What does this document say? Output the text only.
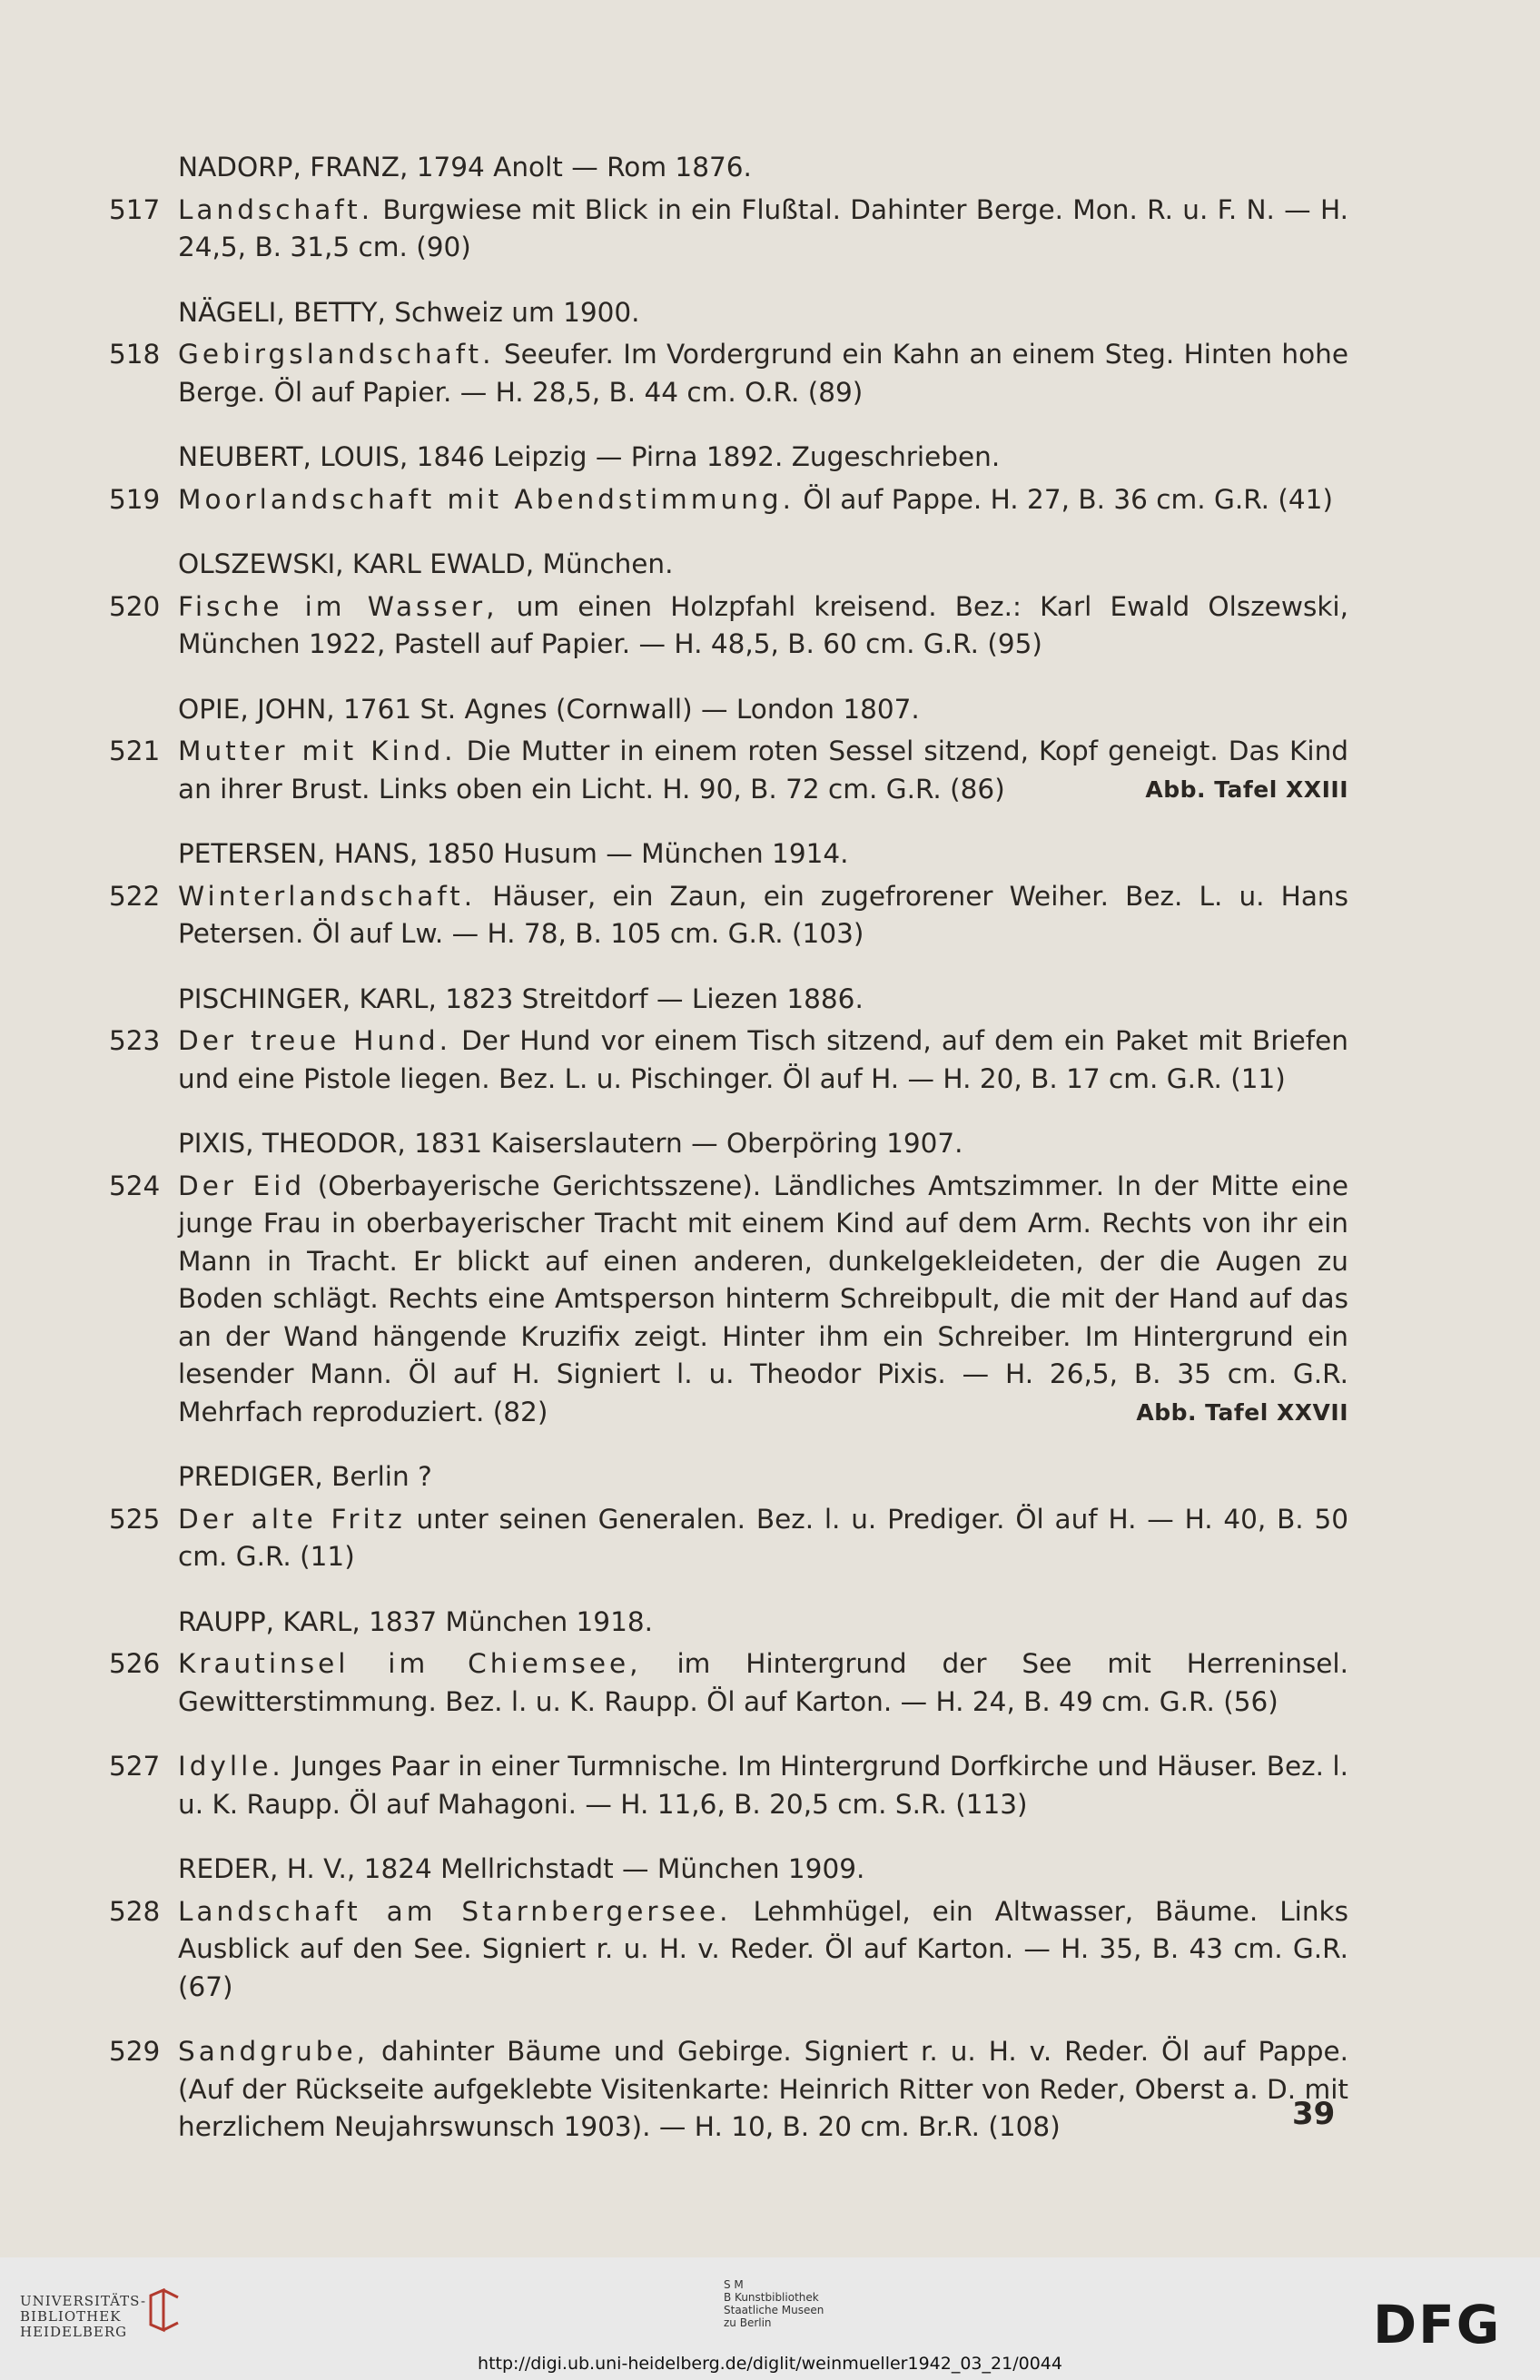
NADORP, FRANZ, 1794 Anolt — Rom 1876.
517 Landschaft. Burgwiese mit Blick in ein Flußtal. Dahinter Berge. Mon. R. u. F. N. — H. 24,5, B. 31,5 cm. (90)

NÄGELI, BETTY, Schweiz um 1900.
518 Gebirgslandschaft. Seeufer. Im Vordergrund ein Kahn an einem Steg. Hinten hohe Berge. Öl auf Papier. — H. 28,5, B. 44 cm. O.R. (89)

NEUBERT, LOUIS, 1846 Leipzig — Pirna 1892. Zugeschrieben.
519 Moorlandschaft mit Abendstimmung. Öl auf Pappe. H. 27, B. 36 cm. G.R. (41)

OLSZEWSKI, KARL EWALD, München.
520 Fische im Wasser, um einen Holzpfahl kreisend. Bez.: Karl Ewald Olszewski, München 1922, Pastell auf Papier. — H. 48,5, B. 60 cm. G.R. (95)

OPIE, JOHN, 1761 St. Agnes (Cornwall) — London 1807.
521 Mutter mit Kind. Die Mutter in einem roten Sessel sitzend, Kopf geneigt. Das Kind an ihrer Brust. Links oben ein Licht. H. 90, B. 72 cm. G.R. (86)	Abb. Tafel XXIII

PETERSEN, HANS, 1850 Husum — München 1914.
522 Winterlandschaft. Häuser, ein Zaun, ein zugefrorener Weiher. Bez. L. u. Hans Petersen. Öl auf Lw. — H. 78, B. 105 cm. G.R. (103)

PISCHINGER, KARL, 1823 Streitdorf — Liezen 1886.
523 Der treue Hund. Der Hund vor einem Tisch sitzend, auf dem ein Paket mit Briefen und eine Pistole liegen. Bez. L. u. Pischinger. Öl auf H. — H. 20, B. 17 cm. G.R. (11)

PIXIS, THEODOR, 1831 Kaiserslautern — Oberpöring 1907.
524 Der Eid (Oberbayerische Gerichtsszene). Ländliches Amtszimmer. In der Mitte eine junge Frau in oberbayerischer Tracht mit einem Kind auf dem Arm. Rechts von ihr ein Mann in Tracht. Er blickt auf einen anderen, dunkelgekleideten, der die Augen zu Boden schlägt. Rechts eine Amtsperson hinterm Schreibpult, die mit der Hand auf das an der Wand hängende Kruzifix zeigt. Hinter ihm ein Schreiber. Im Hintergrund ein lesender Mann. Öl auf H. Signiert l. u. Theodor Pixis. — H. 26,5, B. 35 cm. G.R. Mehrfach reproduziert. (82)	Abb. Tafel XXVII

PREDIGER, Berlin ?
525 Der alte Fritz unter seinen Generalen. Bez. l. u. Prediger. Öl auf H. — H. 40, B. 50 cm. G.R. (11)

RAUPP, KARL, 1837 München 1918.
526 Krautinsel im Chiemsee, im Hintergrund der See mit Herreninsel. Gewitterstimmung. Bez. l. u. K. Raupp. Öl auf Karton. — H. 24, B. 49 cm. G.R. (56)

527 Idylle. Junges Paar in einer Turmnische. Im Hintergrund Dorfkirche und Häuser. Bez. l. u. K. Raupp. Öl auf Mahagoni. — H. 11,6, B. 20,5 cm. S.R. (113)

REDER, H. V., 1824 Mellrichstadt — München 1909.
528 Landschaft am Starnbergersee. Lehmhügel, ein Altwasser, Bäume. Links Ausblick auf den See. Signiert r. u. H. v. Reder. Öl auf Karton. — H. 35, B. 43 cm. G.R. (67)

529 Sandgrube, dahinter Bäume und Gebirge. Signiert r. u. H. v. Reder. Öl auf Pappe. (Auf der Rückseite aufgeklebte Visitenkarte: Heinrich Ritter von Reder, Oberst a. D. mit herzlichem Neujahrswunsch 1903). — H. 10, B. 20 cm. Br.R. (108)	39
UNIVERSITÄTS-
BIBLIOTHEK
HEIDELBERG
S M
B Kunstbibliothek
Staatliche Museen
zu Berlin	DFG
http://digi.ub.uni-heidelberg.de/diglit/weinmueller1942_03_21/0044
